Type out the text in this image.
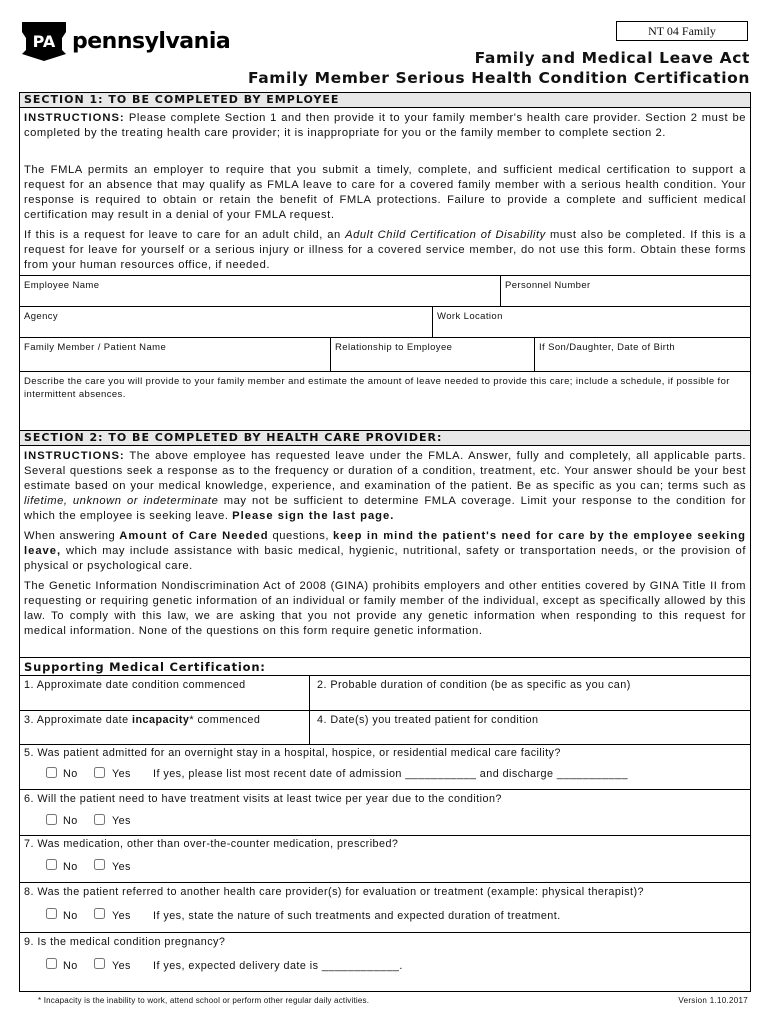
PA pennsylvania	NT 04 Family
Family and Medical Leave Act
Family Member Serious Health Condition Certification
SECTION 1: TO BE COMPLETED BY EMPLOYEE

INSTRUCTIONS: Please complete Section 1 and then provide it to your family member's health care provider. Section 2 must be completed by the treating health care provider; it is inappropriate for you or the family member to complete section 2.

The FMLA permits an employer to require that you submit a timely, complete, and sufficient medical certification to support a request for an absence that may qualify as FMLA leave to care for a covered family member with a serious health condition. Your response is required to obtain or retain the benefit of FMLA protections. Failure to provide a complete and sufficient medical certification may result in a denial of your FMLA request.

If this is a request for leave to care for an adult child, an Adult Child Certification of Disability must also be completed. If this is a request for leave for yourself or a serious injury or illness for a covered service member, do not use this form. Obtain these forms from your human resources office, if needed.

Employee Name	Personnel Number
Agency	Work Location
Family Member / Patient Name	Relationship to Employee	If Son/Daughter, Date of Birth
Describe the care you will provide to your family member and estimate the amount of leave needed to provide this care; include a schedule, if possible for intermittent absences.
SECTION 2: TO BE COMPLETED BY HEALTH CARE PROVIDER:

INSTRUCTIONS: The above employee has requested leave under the FMLA. Answer, fully and completely, all applicable parts. Several questions seek a response as to the frequency or duration of a condition, treatment, etc. Your answer should be your best estimate based on your medical knowledge, experience, and examination of the patient. Be as specific as you can; terms such as lifetime, unknown or indeterminate may not be sufficient to determine FMLA coverage. Limit your response to the condition for which the employee is seeking leave. Please sign the last page.

When answering Amount of Care Needed questions, keep in mind the patient's need for care by the employee seeking leave, which may include assistance with basic medical, hygienic, nutritional, safety or transportation needs, or the provision of physical or psychological care.

The Genetic Information Nondiscrimination Act of 2008 (GINA) prohibits employers and other entities covered by GINA Title II from requesting or requiring genetic information of an individual or family member of the individual, except as specifically allowed by this law. To comply with this law, we are asking that you not provide any genetic information when responding to this request for medical information. None of the questions on this form require genetic information.

Supporting Medical Certification:
1. Approximate date condition commenced	2. Probable duration of condition (be as specific as you can)
3. Approximate date incapacity* commenced	4. Date(s) you treated patient for condition
5. Was patient admitted for an overnight stay in a hospital, hospice, or residential medical care facility?
No	Yes If yes, please list most recent date of admission ___________ and discharge ___________
6. Will the patient need to have treatment visits at least twice per year due to the condition?
No	Yes
7. Was medication, other than over-the-counter medication, prescribed?
No	Yes
8. Was the patient referred to another health care provider(s) for evaluation or treatment (example: physical therapist)?
No	Yes If yes, state the nature of such treatments and expected duration of treatment.
9. Is the medical condition pregnancy?
No	Yes If yes, expected delivery date is ____________.
* Incapacity is the inability to work, attend school or perform other regular daily activities.	Version 1.10.2017
